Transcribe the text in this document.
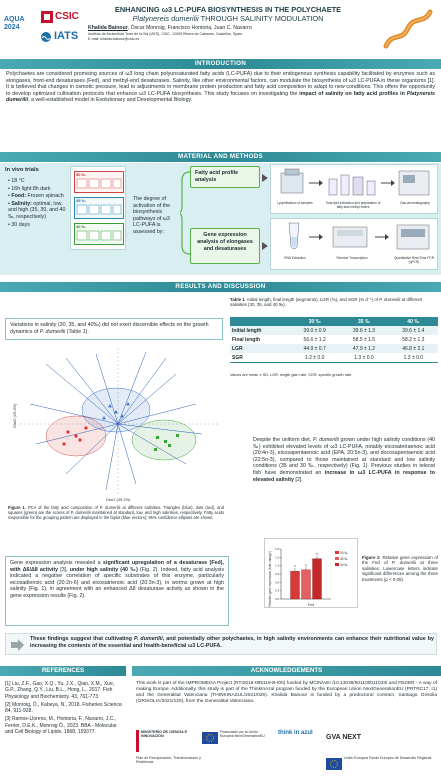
AQUA 2024
CSIC
IATS
ENHANCING ω3 LC-PUFA BIOSYNTHESIS IN THE POLYCHAETE
Platynereis dumerilii THROUGH SALINITY MODULATION
Khalida Bainour, Óscar Monroig, Francisco Hontoria, Juan C. Navarro
Instituto de Acuicultura Torre de la Sal (IATS), CSIC, 12595 Ribera de Cabanes, Castellón, Spain.
E-mail: khalida.bainour@csic.es
INTRODUCTION
Polychaetes are considered promising sources of ω3 long chain polyunsaturated fatty acids (LC-PUFA) due to their endogenous synthesis capability facilitated by enzymes such as elongases, front-end desaturases (Fed), and methyl-end desaturases. Salinity, like other environmental factors, can modulate the biosynthesis of ω3 LC-PUFA in these organisms [1]. It is believed that changes in osmotic pressure, lead to adjustments in membrane protein production and fatty acid composition to adapt to new conditions. This offers the opportunity to develop optimized cultivation protocols that enhance ω3 LC-PUFA biosynthesis. This study focuses on investigating the impact of salinity on fatty acid profiles in Platynereis dumerilii, a well-established model in Evolutionary and Developmental Biology.
MATERIAL AND METHODS
In vivo trials
• 18 °C
• 16h light:8h dark
• Food: Frozen spinach
• Salinity: optimal, low, and high (35, 30, and 40 ‰, respectively)
• 30 days
30 ‰
35 ‰
40 ‰
The degree of activation of the biosynthesis pathways of ω3 LC-PUFA is assessed by:
Fatty acid profile analysis
Gene expression analysis of elongases and desaturases
Lyophilization of samples	Total lipid extraction and preparation of fatty acid methyl esters
Gas chromatography
RNA Extraction	Reverse Transcription	Quantitative Real-Time PCR (qPCR)
RESULTS AND DISCUSSION
Variations in salinity (30, 35, and 40‰) did not exert discernible effects on the growth dynamics of P. dumerilii (Table 1).
Table 1. Initial length, final length (segments), LGR (%), and SGR (% d⁻¹) of P. dumerilii at different salinities (30, 35, and 40 ‰).
	30 ‰	35 ‰	40 ‰
Initial length	39.0 ± 0.9	39.6 ± 1.3	39.6 ± 1.4
Final length	56.6 ± 1.2	58.5 ± 1.5	58.2 ± 1.3
LGR	44.9 ± 0.7	47.9 ± 1.2	46.8 ± 2.1
SGR	1.2 ± 0.0	1.3 ± 0.0	1.3 ± 0.0
Values are mean ± SD; LGR: length gain rate; SGR: specific growth rate.
Dim2 (25.0%)
Dim1 (39.2%)
Figure 1. PCA of the fatty acid composition of P. dumerilii at different salinities. Triangles (blue), dots (red), and squares (green) are the scores of P. dumerilii maintained at standard, low, and high salinities, respectively. Fatty acids responsible for the grouping pattern are displayed in the biplot (blue vectors); 95% confidence ellipses are shown.
Despite the uniform diet, P. dumerilii grown under high salinity conditions (40 ‰) exhibited elevated levels of ω3 LC-PUFA, notably eicosatetraenoic acid (20:4n-3), eicosapentaenoic acid (EPA, 20:5n-3), and docosapentaenoic acid (22:5n-3), compared to those maintained at standard and low salinity conditions (35 and 30 ‰, respectively) (Fig. 1). Previous studies in teleost fish have demonstrated an increase in ω3 LC-PUFA in response to elevated salinity [2].
Gene expression analysis revealed a significant upregulation of a desaturase (Fed), with Δ6/Δ8 activity [3], under high salinity (40 ‰) (Fig. 2). Indeed, fatty acid analysis indicated a negative correlation of specific substrates of this enzyme, particularly eicosadienoic acid (20:2n-6) and eicosatrienoic acid (20:3n-3), in worms grown at high salinity (Fig. 1), in agreement with an enhanced Δ8 desaturase activity as shown in the gene expression results (Fig. 2).
0.0
0.3
0.6
0.9
1.2
1.5
1.8
b	b
a	30 ‰
35 ‰
40 ‰
Relative gene expression (fold change)	Fed
Figure 2. Relative gene expression of the Fed of P. dumerilii at three salinities. Lowercase letters indicate significant differences among the three treatments (p < 0.05).
These findings suggest that cultivating P. dumerilii, and potentially other polychaetes, in high salinity environments can enhance their nutritional value by increasing the contents of the essential and health-beneficial ω3 LC-PUFA.
REFERENCES	ACKNOWLEDGEMENTS
[1] Liu, Z.F., Gao, X.Q., Yu, J.X., Qian, X.M., Xue, G.P., Zhang, Q.Y., Liu, B.L., Hong, L., 2017. Fish Physiology and Biochemistry. 43, 761-773.
[2] Monroig, Ó., Kabeya, N., 2018. Fisheries Science. 84, 911-928.
[3] Ramos-Llorens, M., Hontoria, F., Navarro, J.C., Ferrier, D.E.K., Monroig Ó., 2023. BBA - Molecular and Cell Biology of Lipids. 1868, 159377.
This work is part of the IMPROMEGA Project (RTI2018-095119-B-I00) funded by MCIN/AEI /10.13039/501100011033/ and FEDER - A way of making Europe. Additionally, this study is part of the ThinkInAzul program funded by the European Union NextGenerationEU (PRTRC17. I1) and the Generalitat Valenciana (THINKINAZUL/2021/026). Khalida Bainour is funded by a predoctoral contract, Santiago Grisolia (GRISOLIA/2021/120), from the Generalitat Valenciana.
MINISTERIO DE CIENCIA E INNOVACIÓN
Financiado por la Unión Europea NextGenerationEU
think in azul
Plan de Recuperación, Transformación y Resiliencia
GVA NEXT
Unión Europea Fondo Europeo de Desarrollo Regional
